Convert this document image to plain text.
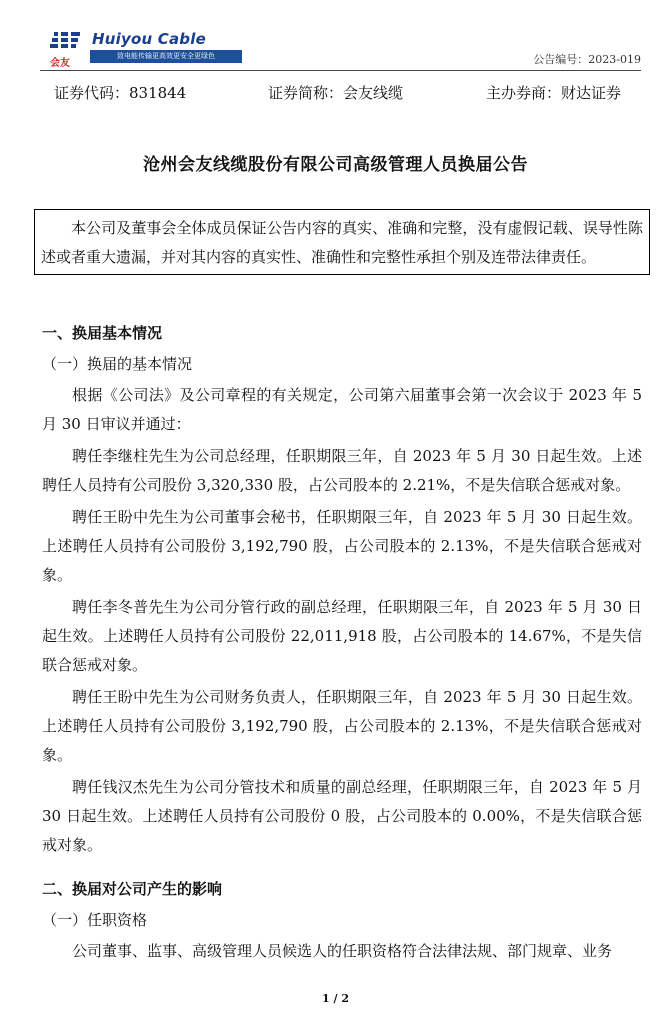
会友
Huiyou Cable
致电能传输更高效更安全更绿色	公告编号：2023-019
证券代码：831844	证券简称：会友线缆	主办券商：财达证券
沧州会友线缆股份有限公司高级管理人员换届公告

本公司及董事会全体成员保证公告内容的真实、准确和完整，没有虚假记载、误导性陈述或者重大遗漏，并对其内容的真实性、准确性和完整性承担个别及连带法律责任。

一、换届基本情况

（一）换届的基本情况

根据《公司法》及公司章程的有关规定，公司第六届董事会第一次会议于 2023 年 5 月 30 日审议并通过：

聘任李继柱先生为公司总经理，任职期限三年，自 2023 年 5 月 30 日起生效。上述聘任人员持有公司股份 3,320,330 股，占公司股本的 2.21%，不是失信联合惩戒对象。

聘任王盼中先生为公司董事会秘书，任职期限三年，自 2023 年 5 月 30 日起生效。上述聘任人员持有公司股份 3,192,790 股，占公司股本的 2.13%，不是失信联合惩戒对象。

聘任李冬普先生为公司分管行政的副总经理，任职期限三年，自 2023 年 5 月 30 日起生效。上述聘任人员持有公司股份 22,011,918 股，占公司股本的 14.67%，不是失信联合惩戒对象。

聘任王盼中先生为公司财务负责人，任职期限三年，自 2023 年 5 月 30 日起生效。上述聘任人员持有公司股份 3,192,790 股，占公司股本的 2.13%，不是失信联合惩戒对象。

聘任钱汉杰先生为公司分管技术和质量的副总经理，任职期限三年，自 2023 年 5 月 30 日起生效。上述聘任人员持有公司股份 0 股，占公司股本的 0.00%，不是失信联合惩戒对象。

二、换届对公司产生的影响

（一）任职资格

公司董事、监事、高级管理人员候选人的任职资格符合法律法规、部门规章、业务

1 / 2
